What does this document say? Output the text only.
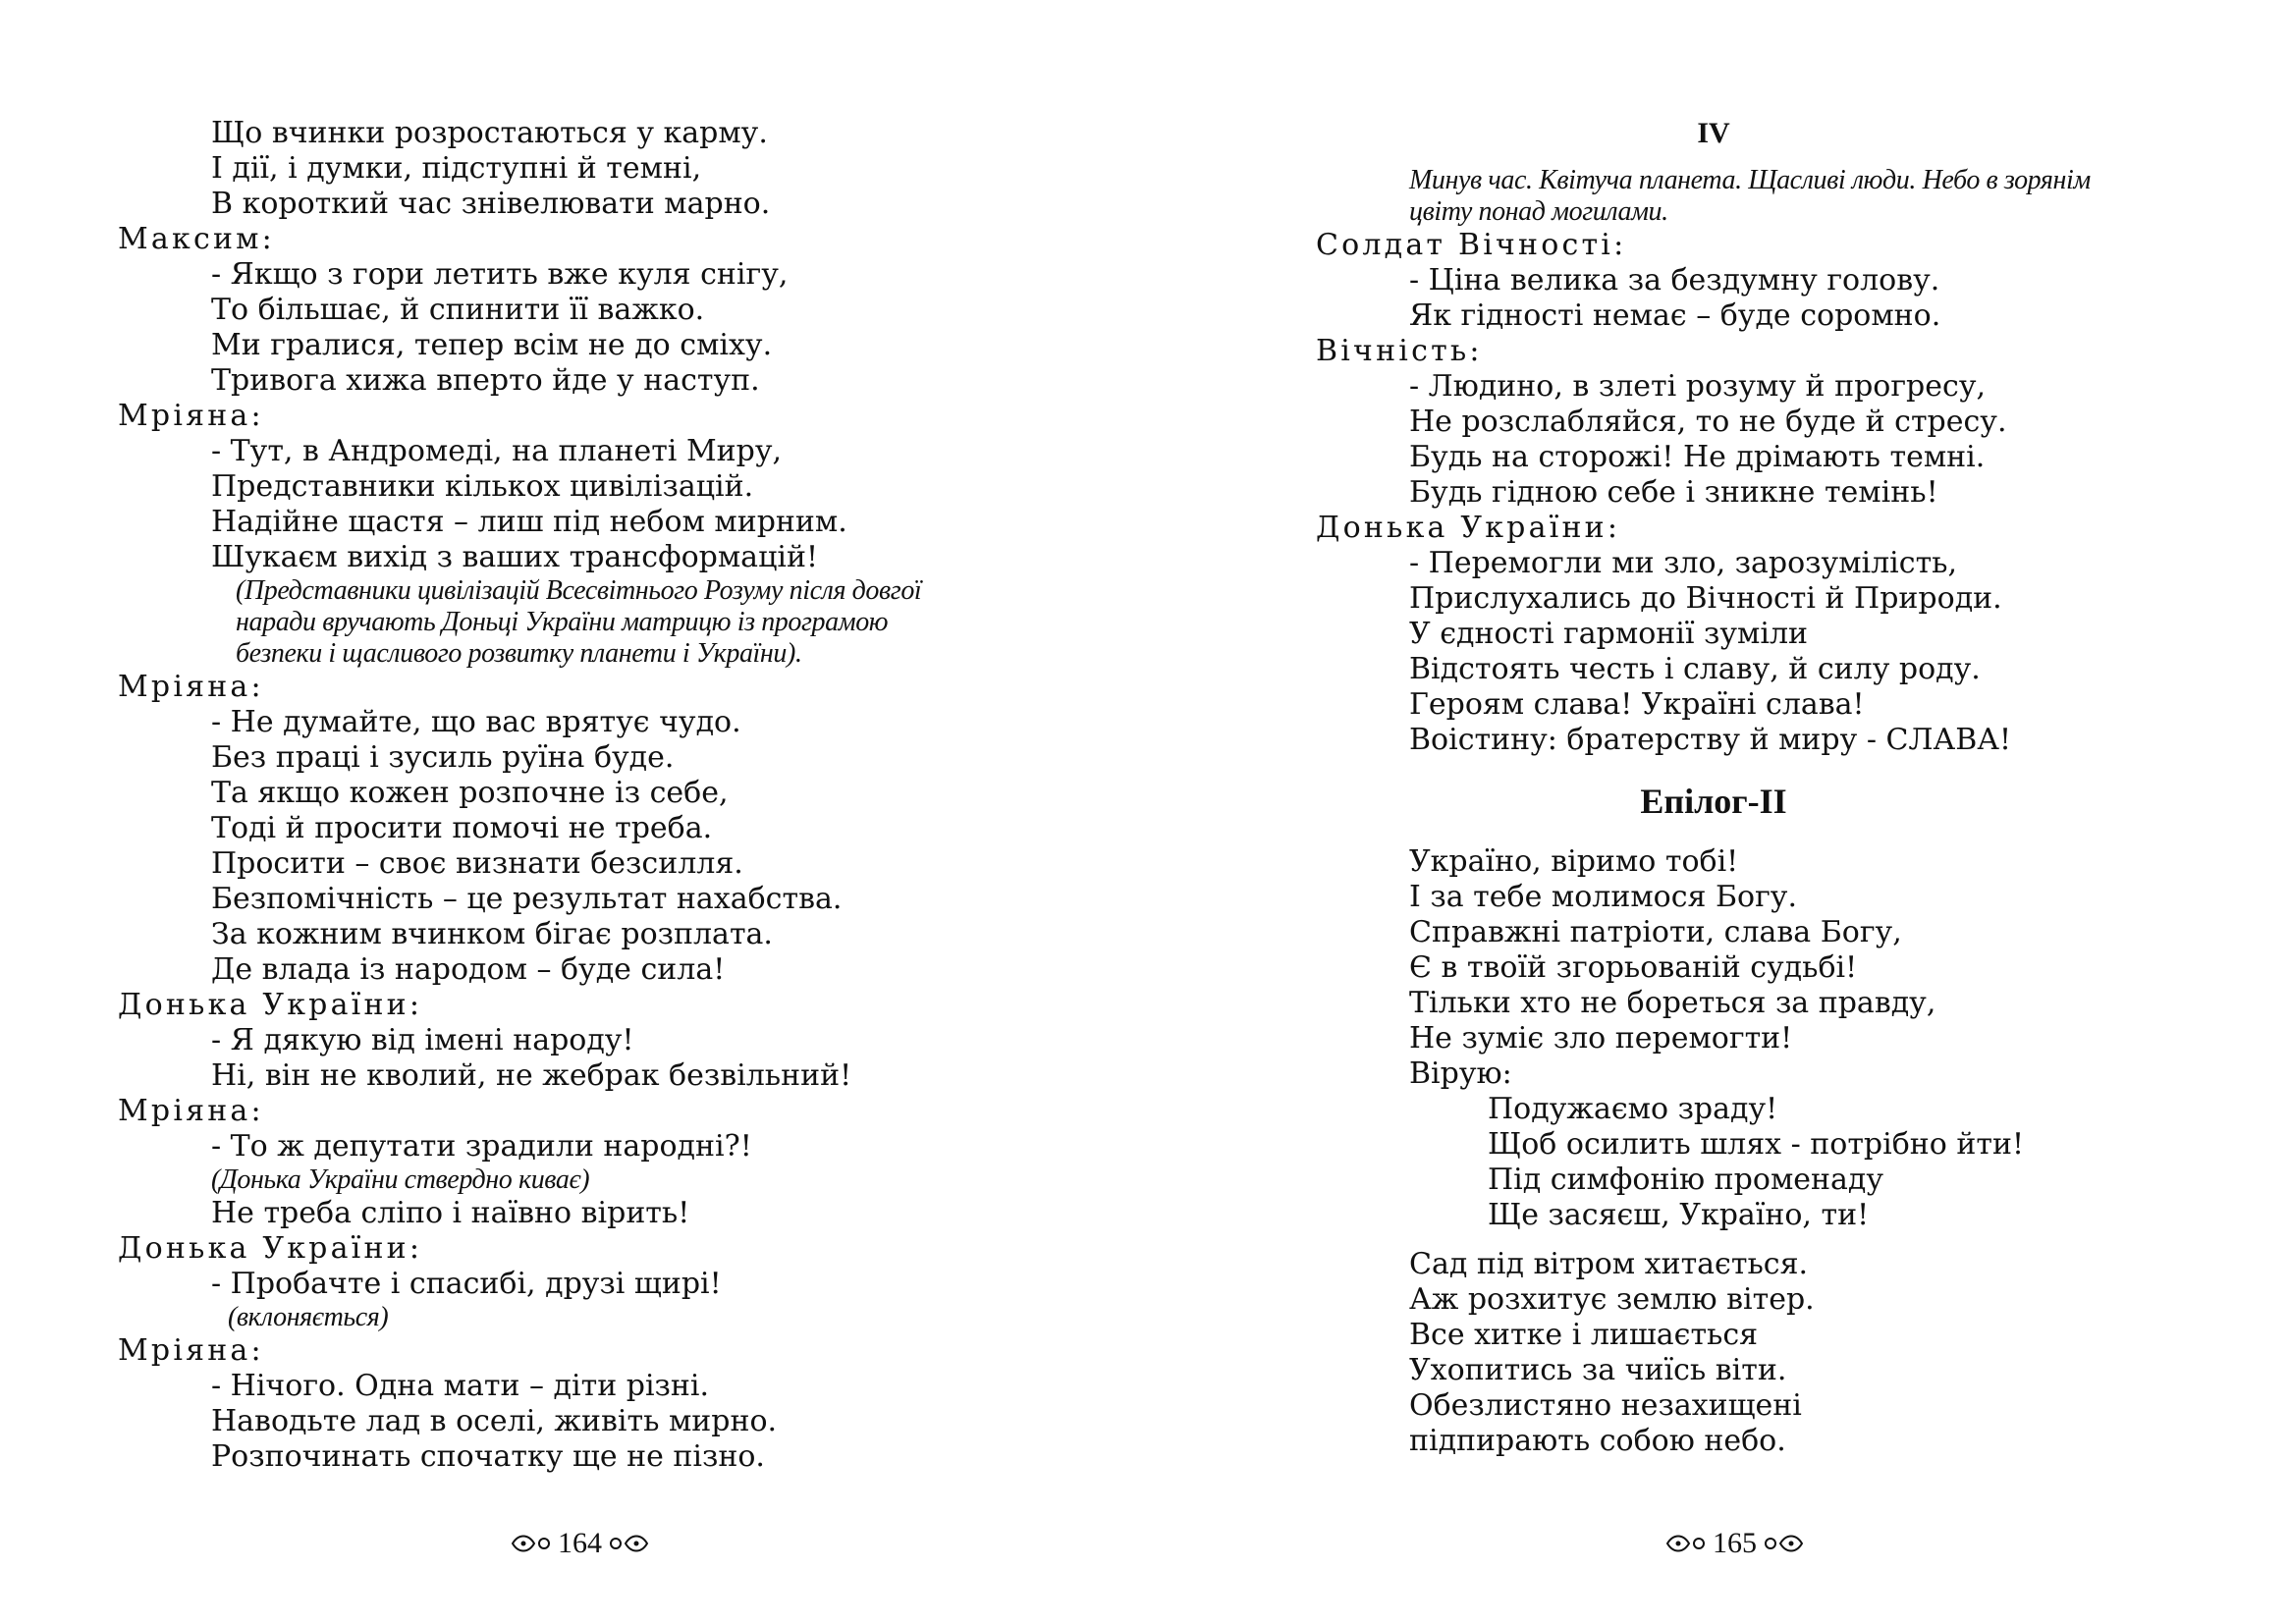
Що вчинки розростаються у карму.
І дії, і думки, підступні й темні,
В короткий час знівелювати марно.
Максим:
- Якщо з гори летить вже куля снігу,
То більшає, й спинити її важко.
Ми гралися, тепер всім не до сміху.
Тривога хижа вперто йде у наступ.
Мріяна:
- Тут, в Андромеді, на планеті Миру,
Представники кількох цивілізацій.
Надійне щастя – лиш під небом мирним.
Шукаєм вихід з ваших трансформацій!
(Представники цивілізацій Всесвітнього Розуму після довгої
наради вручають Доньці України матрицю із програмою
безпеки і щасливого розвитку планети і України).
Мріяна:
- Не думайте, що вас врятує чудо.
Без праці і зусиль руїна буде.
Та якщо кожен розпочне із себе,
Тоді й просити помочі не треба.
Просити – своє визнати безсилля.
Безпомічність – це результат нахабства.
За кожним вчинком бігає розплата.
Де влада із народом – буде сила!
Донька України:
- Я дякую від імені народу!
Ні, він не кволий, не жебрак безвільний!
Мріяна:
- То ж депутати зрадили народні?!
(Донька України ствердно киває)
Не треба сліпо і наївно вірить!
Донька України:
- Пробачте і спасибі, друзі щирі!
(вклоняється)
Мріяна:
- Нічого. Одна мати – діти різні.
Наводьте лад в оселі, живіть мирно.
Розпочинать спочатку ще не пізно.
164
IV
Минув час. Квітуча планета. Щасливі люди. Небо в зорянім
цвіту понад могилами.
Солдат Вічності:
- Ціна велика за бездумну голову.
Як гідності немає – буде соромно.
Вічність:
- Людино, в злеті розуму й прогресу,
Не розслабляйся, то не буде й стресу.
Будь на сторожі! Не дрімають темні.
Будь гідною себе і зникне темінь!
Донька України:
- Перемогли ми зло, зарозумілість,
Прислухались до Вічності й Природи.
У єдності гармонії зуміли
Відстоять честь і славу, й силу роду.
Героям слава! Україні слава!
Воістину: братерству й миру - СЛАВА!
Епілог-ІІ
Україно, віримо тобі!
І за тебе молимося Богу.
Справжні патріоти, слава Богу,
Є в твоїй згорьованій судьбі!
Тільки хто не бореться за правду,
Не зуміє зло перемогти!
Вірую:
Подужаємо зраду!
Щоб осилить шлях - потрібно йти!
Під симфонію променаду
Ще засяєш, Україно, ти!
Сад під вітром хитається.
Аж розхитує землю вітер.
Все хитке і лишається
Ухопитись за чиїсь віти.
Обезлистяно незахищені
підпирають собою небо.
165
